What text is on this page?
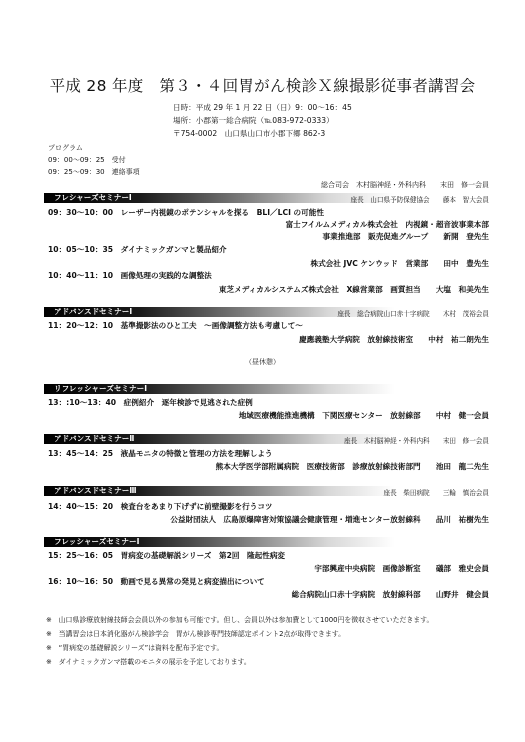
平成 28 年度　第３・４回胃がん検診Ｘ線撮影従事者講習会
日時：平成 29 年 1 月 22 日（日）9：00～16：45
場所：小郡第一総合病院（℡083-972-0333）
〒754-0002　山口県山口市小郡下郷 862-3
プログラム
09：00～09：25　受付
09：25～09：30　連絡事項
総合司会　木村脳神経・外科内科　　末田　修一会員
フレシャーズセミナーⅠ	座長　山口県予防保健協会　　藤本　智大会員
09：30～10：00　レーザー内視鏡のポテンシャルを探る　BLI／LCI の可能性
富士フイルムメディカル株式会社　内視鏡・超音波事業本部
事業推進部　販売促進グループ　　新開　登先生
10：05～10：35　ダイナミックガンマと製品紹介
株式会社 JVC ケンウッド　営業部　　田中　豊先生
10：40～11：10　画像処理の実践的な調整法
東芝メディカルシステムズ株式会社　X線営業部　画質担当　　大塩　和美先生
アドバンスドセミナーⅠ	座長　総合病院山口赤十字病院　　木村　茂裕会員
11：20～12：10　基準撮影法のひと工夫　～画像調整方法も考慮して～
慶應義塾大学病院　放射線技術室　　中村　祐二朗先生
（昼休憩）
リフレッシャーズセミナーⅠ
13：:10～13：40　症例紹介　逐年検診で見逃された症例
地域医療機能推進機構　下関医療センター　放射線部　　中村　健一会員
アドバンスドセミナーⅡ	座長　木村脳神経・外科内科　　末田　修一会員
13：45～14：25　液晶モニタの特徴と管理の方法を理解しよう
熊本大学医学部附属病院　医療技術部　診療放射線技術部門　　池田　龍二先生
アドバンスドセミナーⅢ	座長　柴田病院　　三輪　慎治会員
14：40～15：20　検査台をあまり下げずに前壁撮影を行うコツ
公益財団法人　広島原爆障害対策協議会健康管理・増進センター放射線科　　品川　祐樹先生
フレッシャーズセミナーⅠ
15：25～16：05　胃病変の基礎解説シリーズ　第2回　隆起性病変
宇部興産中央病院　画像診断室　　礒部　雅史会員
16：10～16：50　動画で見る異常の発見と病変描出について
総合病院山口赤十字病院　放射線科部　　山野井　健会員
※　山口県診療放射線技師会会員以外の参加も可能です。但し、会員以外は参加費として1000円を徴収させていただきます。
※　当講習会は日本消化器がん検診学会　胃がん検診専門技師認定ポイント2点が取得できます。
※　“胃病変の基礎解説シリーズ”は資料を配布予定です。
※　ダイナミックガンマ搭載のモニタの展示を予定しております。
